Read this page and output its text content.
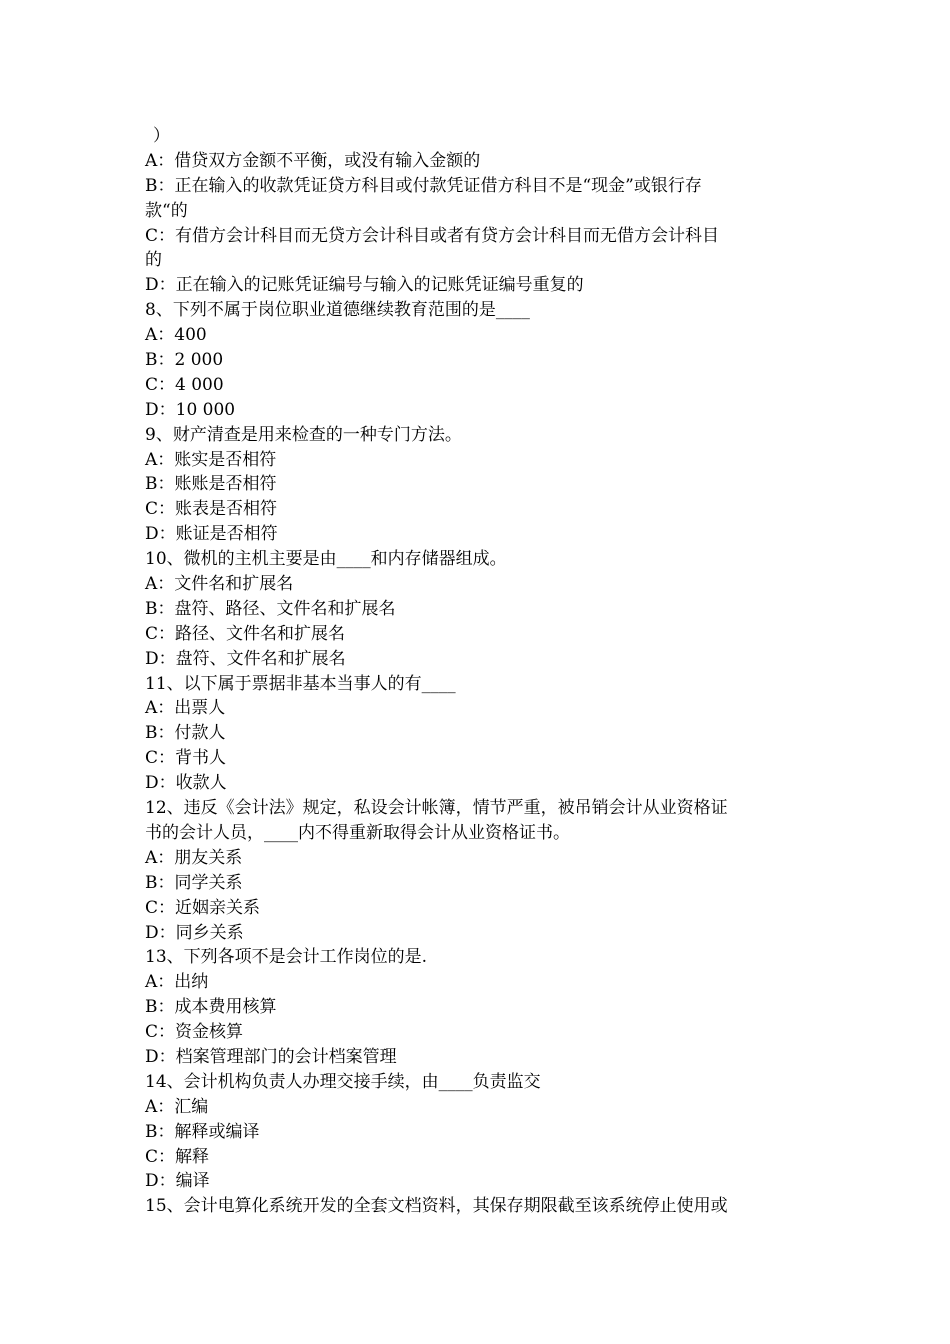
）
A：借贷双方金额不平衡，或没有输入金额的
B：正在输入的收款凭证贷方科目或付款凭证借方科目不是“现金”或银行存
款“的
C：有借方会计科目而无贷方会计科目或者有贷方会计科目而无借方会计科目
的
D：正在输入的记账凭证编号与输入的记账凭证编号重复的
8、下列不属于岗位职业道德继续教育范围的是____
A：400
B：2 000
C：4 000
D：10 000
9、财产清查是用来检查的一种专门方法。
A：账实是否相符
B：账账是否相符
C：账表是否相符
D：账证是否相符
10、微机的主机主要是由____和内存储器组成。
A：文件名和扩展名
B：盘符、路径、文件名和扩展名
C：路径、文件名和扩展名
D：盘符、文件名和扩展名
11、以下属于票据非基本当事人的有____
A：出票人
B：付款人
C：背书人
D：收款人
12、违反《会计法》规定，私设会计帐簿，情节严重，被吊销会计从业资格证
书的会计人员，____内不得重新取得会计从业资格证书。
A：朋友关系
B：同学关系
C：近姻亲关系
D：同乡关系
13、下列各项不是会计工作岗位的是.
A：出纳
B：成本费用核算
C：资金核算
D：档案管理部门的会计档案管理
14、会计机构负责人办理交接手续，由____负责监交
A：汇编
B：解释或编译
C：解释
D：编译
15、会计电算化系统开发的全套文档资料，其保存期限截至该系统停止使用或
